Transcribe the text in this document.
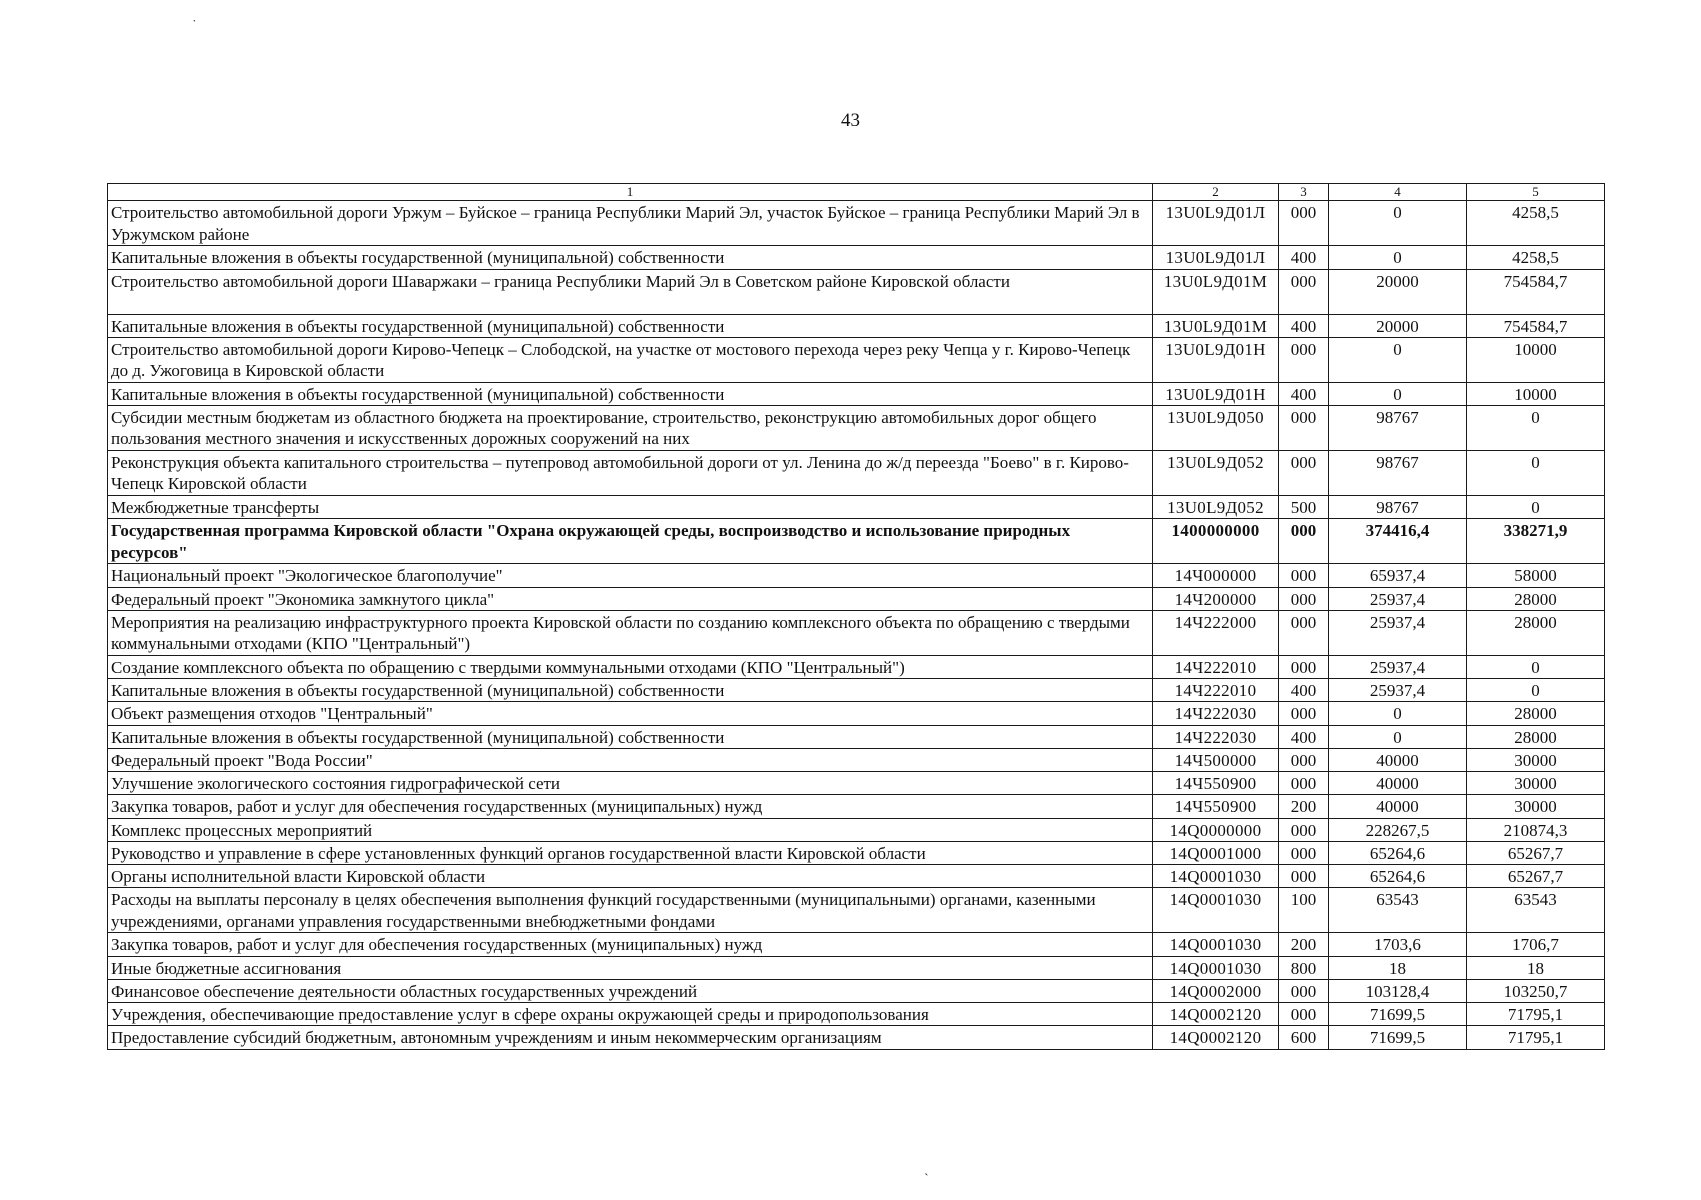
˙
`
43
1	2	3	4	5
Строительство автомобильной дороги Уржум – Буйское – граница Республики Марий Эл, участок Буйское – граница Республики Марий Эл в Уржумском районе	13U0L9Д01Л	000	0	4258,5
Капитальные вложения в объекты государственной (муниципальной) собственности	13U0L9Д01Л	400	0	4258,5
Строительство автомобильной дороги Шаваржаки – граница Республики Марий Эл в Советском районе Кировской области	13U0L9Д01М	000	20000	754584,7
Капитальные вложения в объекты государственной (муниципальной) собственности	13U0L9Д01М	400	20000	754584,7
Строительство автомобильной дороги Кирово-Чепецк – Слободской, на участке от мостового перехода через реку Чепца у г. Кирово-Чепецк до д. Ужоговица в Кировской области	13U0L9Д01Н	000	0	10000
Капитальные вложения в объекты государственной (муниципальной) собственности	13U0L9Д01Н	400	0	10000
Субсидии местным бюджетам из областного бюджета на проектирование, строительство, реконструкцию автомобильных дорог общего пользования местного значения и искусственных дорожных сооружений на них	13U0L9Д050	000	98767	0
Реконструкция объекта капитального строительства – путепровод автомобильной дороги от ул. Ленина до ж/д переезда "Боево" в г. Кирово-Чепецк Кировской области	13U0L9Д052	000	98767	0
Межбюджетные трансферты	13U0L9Д052	500	98767	0
Государственная программа Кировской области "Охрана окружающей среды, воспроизводство и использование природных ресурсов"	1400000000	000	374416,4	338271,9
Национальный проект "Экологическое благополучие"	14Ч000000	000	65937,4	58000
Федеральный проект "Экономика замкнутого цикла"	14Ч200000	000	25937,4	28000
Мероприятия на реализацию инфраструктурного проекта Кировской области по созданию комплексного объекта по обращению с твердыми коммунальными отходами (КПО "Центральный")	14Ч222000	000	25937,4	28000
Создание комплексного объекта по обращению с твердыми коммунальными отходами (КПО "Центральный")	14Ч222010	000	25937,4	0
Капитальные вложения в объекты государственной (муниципальной) собственности	14Ч222010	400	25937,4	0
Объект размещения отходов "Центральный"	14Ч222030	000	0	28000
Капитальные вложения в объекты государственной (муниципальной) собственности	14Ч222030	400	0	28000
Федеральный проект "Вода России"	14Ч500000	000	40000	30000
Улучшение экологического состояния гидрографической сети	14Ч550900	000	40000	30000
Закупка товаров, работ и услуг для обеспечения государственных (муниципальных) нужд	14Ч550900	200	40000	30000
Комплекс процессных мероприятий	14Q0000000	000	228267,5	210874,3
Руководство и управление в сфере установленных функций органов государственной власти Кировской области	14Q0001000	000	65264,6	65267,7
Органы исполнительной власти Кировской области	14Q0001030	000	65264,6	65267,7
Расходы на выплаты персоналу в целях обеспечения выполнения функций государственными (муниципальными) органами, казенными учреждениями, органами управления государственными внебюджетными фондами	14Q0001030	100	63543	63543
Закупка товаров, работ и услуг для обеспечения государственных (муниципальных) нужд	14Q0001030	200	1703,6	1706,7
Иные бюджетные ассигнования	14Q0001030	800	18	18
Финансовое обеспечение деятельности областных государственных учреждений	14Q0002000	000	103128,4	103250,7
Учреждения, обеспечивающие предоставление услуг в сфере охраны окружающей среды и природопользования	14Q0002120	000	71699,5	71795,1
Предоставление субсидий бюджетным, автономным учреждениям и иным некоммерческим организациям	14Q0002120	600	71699,5	71795,1
